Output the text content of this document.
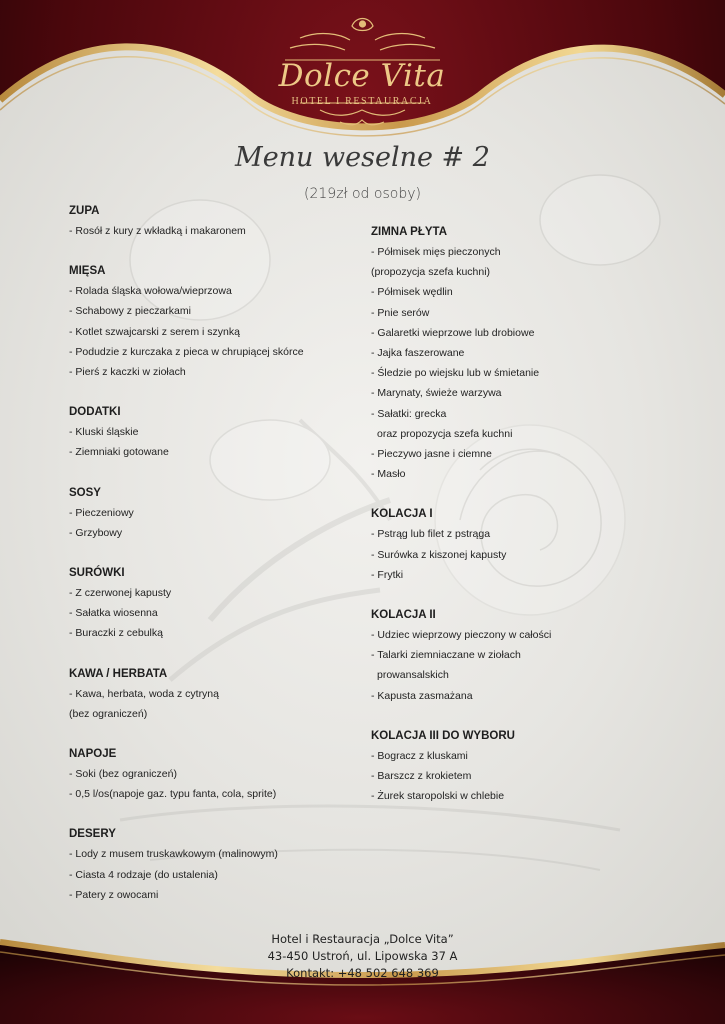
Dolce Vita
HOTEL I RESTAURACJA
Menu weselne # 2
(219zł od osoby)
ZUPA
- Rosół z kury z wkładką i makaronem
MIĘSA
- Rolada śląska wołowa/wieprzowa
- Schabowy z pieczarkami
- Kotlet szwajcarski z serem i szynką
- Podudzie z kurczaka z pieca w chrupiącej skórce
- Pierś z kaczki w ziołach
DODATKI
- Kluski śląskie
- Ziemniaki gotowane
SOSY
- Pieczeniowy
- Grzybowy
SURÓWKI
- Z czerwonej kapusty
- Sałatka wiosenna
- Buraczki z cebulką
KAWA / HERBATA
- Kawa, herbata, woda z cytryną
(bez ograniczeń)
NAPOJE
- Soki (bez ograniczeń)
- 0,5 l/os(napoje gaz. typu fanta, cola, sprite)
DESERY
- Lody z musem truskawkowym (malinowym)
- Ciasta 4 rodzaje (do ustalenia)
- Patery z owocami
ZIMNA PŁYTA
- Półmisek mięs pieczonych
(propozycja szefa kuchni)
- Półmisek wędlin
- Pnie serów
- Galaretki wieprzowe lub drobiowe
- Jajka faszerowane
- Śledzie po wiejsku lub w śmietanie
- Marynaty, świeże warzywa
- Sałatki: grecka
oraz propozycja szefa kuchni
- Pieczywo jasne i ciemne
- Masło
KOLACJA I
- Pstrąg lub filet z pstrąga
- Surówka z kiszonej kapusty
- Frytki
KOLACJA II
- Udziec wieprzowy pieczony w całości
- Talarki ziemniaczane w ziołach
prowansalskich
- Kapusta zasmażana
KOLACJA III DO WYBORU
- Bogracz z kluskami
- Barszcz z krokietem
- Żurek staropolski w chlebie
Hotel i Restauracja „Dolce Vita”
43-450 Ustroń, ul. Lipowska 37 A
Kontakt: +48 502 648 369
